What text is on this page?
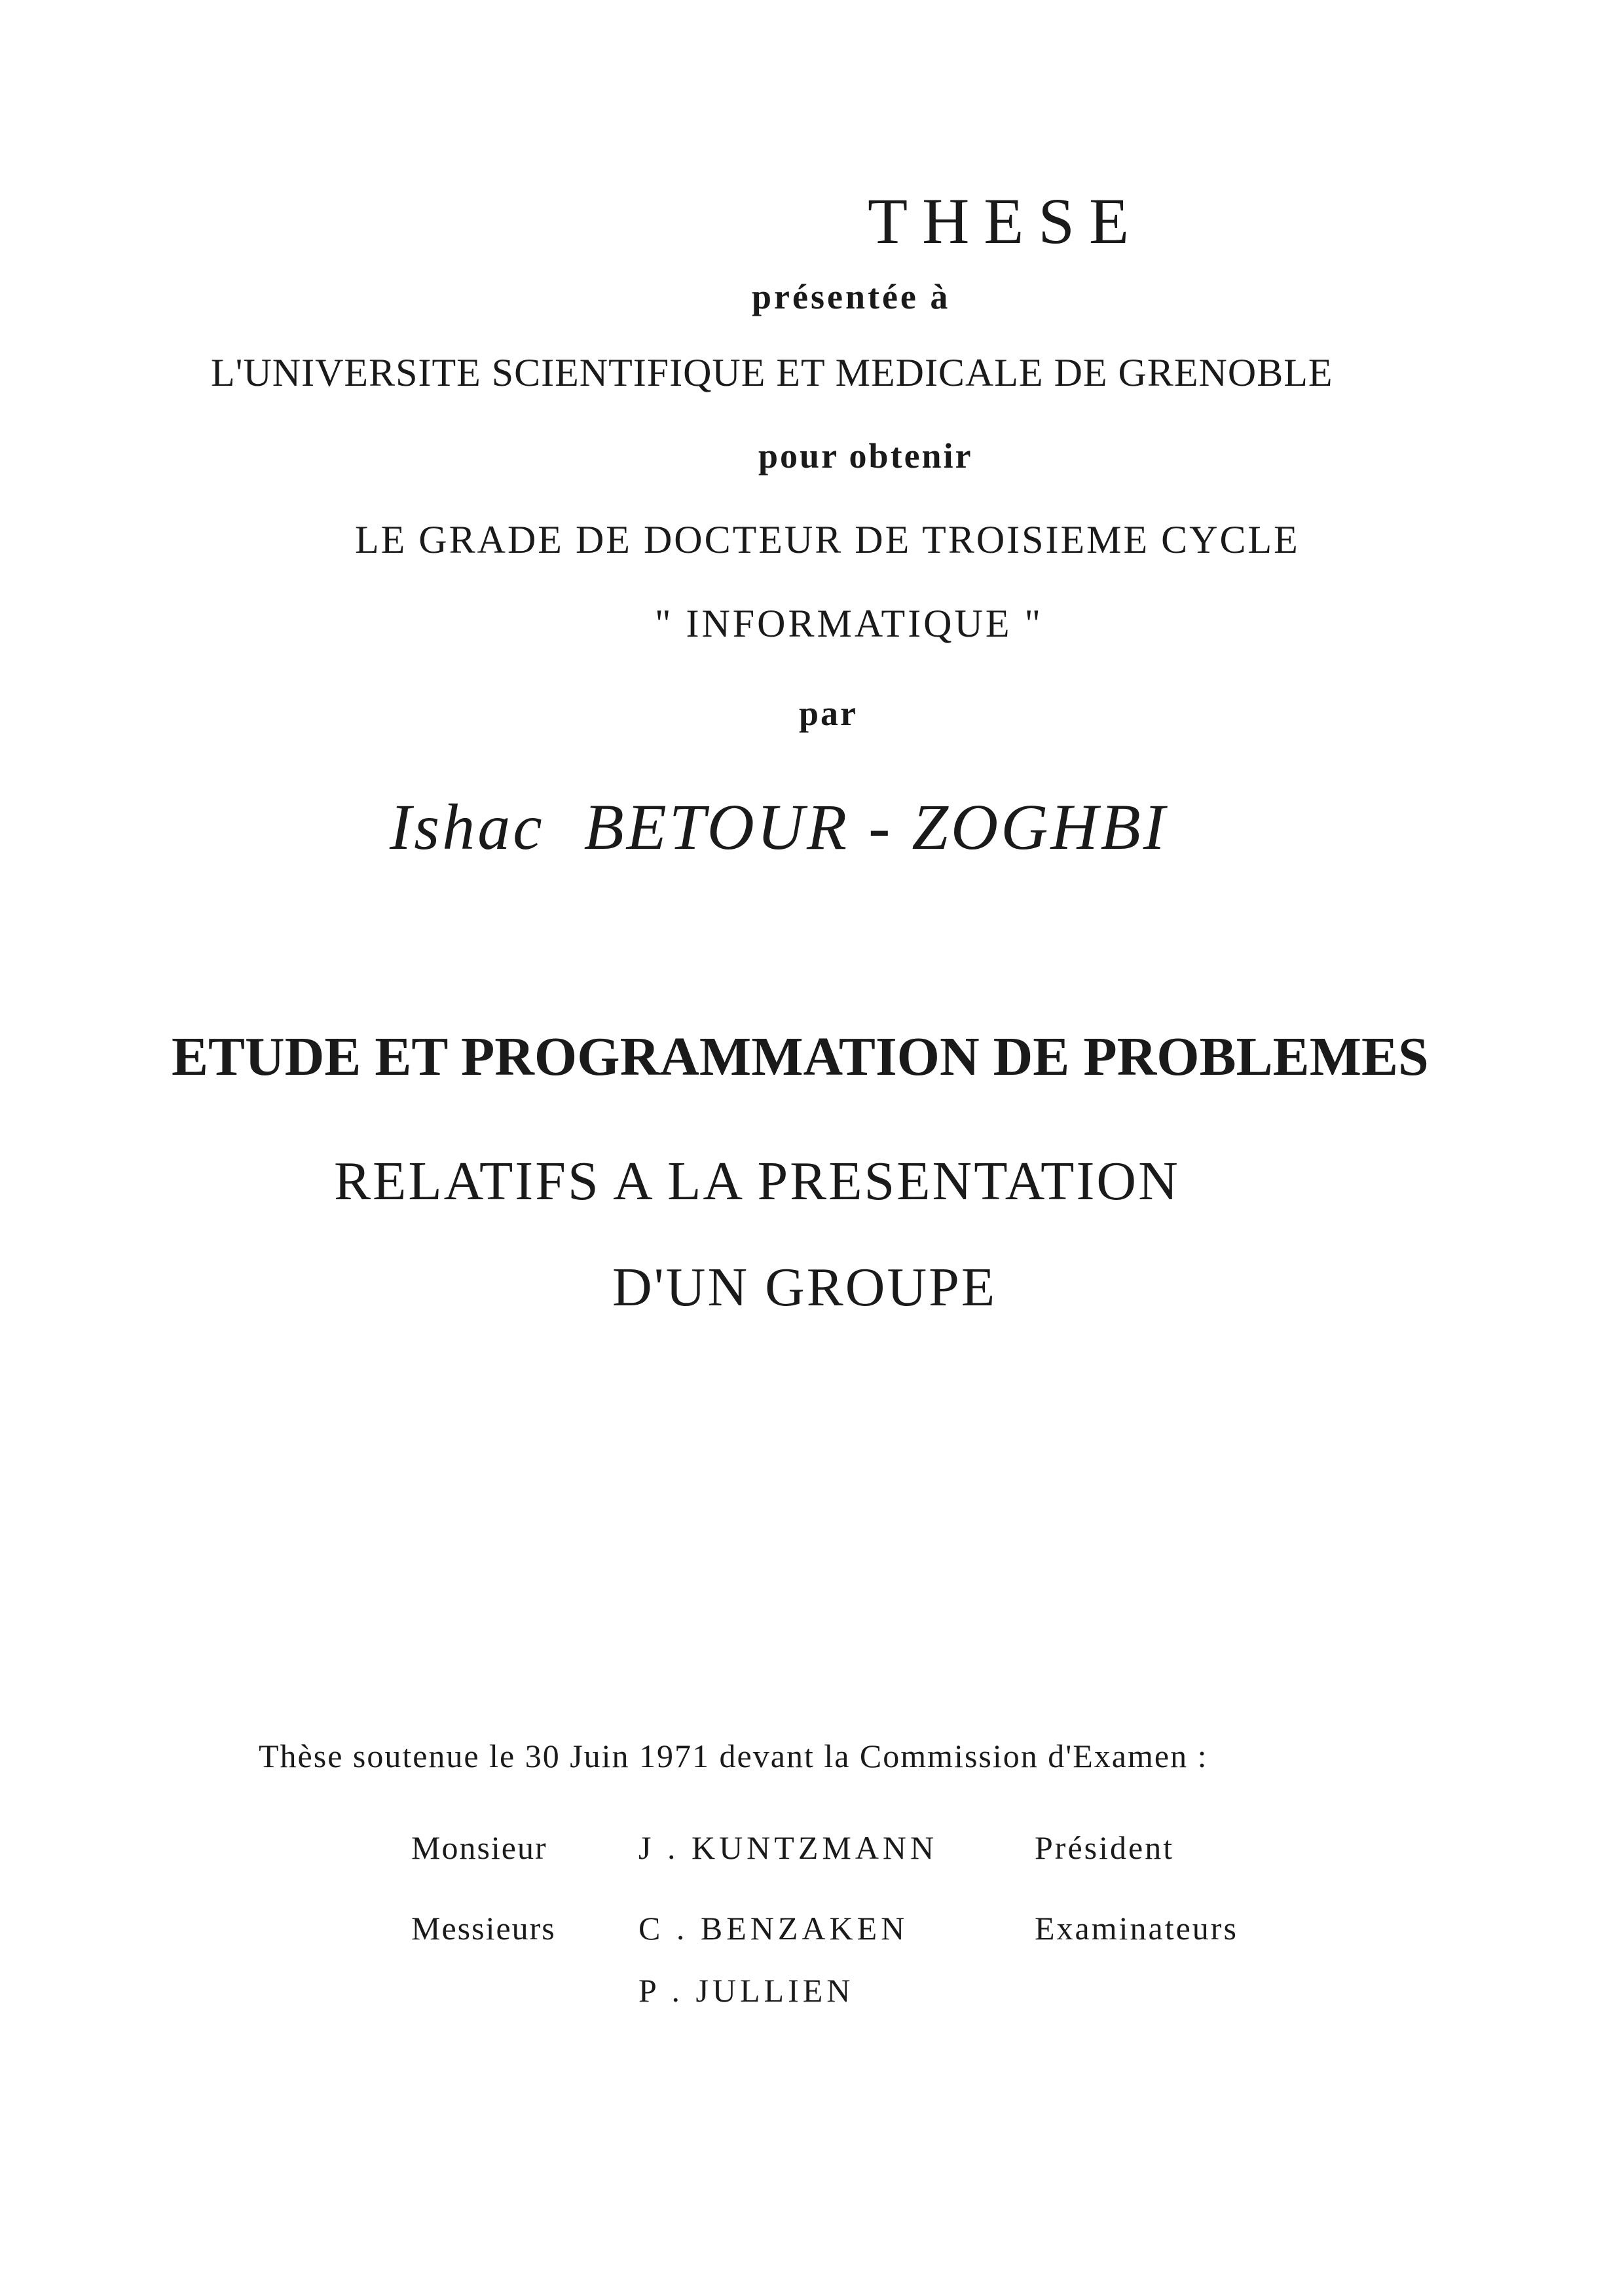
THESE
présentée à
L'UNIVERSITE SCIENTIFIQUE ET MEDICALE DE GRENOBLE
pour obtenir
LE GRADE DE DOCTEUR DE TROISIEME CYCLE
" INFORMATIQUE "
par
Ishac BETOUR - ZOGHBI
ETUDE ET PROGRAMMATION DE PROBLEMES
RELATIFS A LA PRESENTATION
D'UN GROUPE
Thèse soutenue le 30 Juin 1971 devant la Commission d'Examen :
Monsieur	J . KUNTZMANN	Président
Messieurs	C . BENZAKEN	Examinateurs
P . JULLIEN
